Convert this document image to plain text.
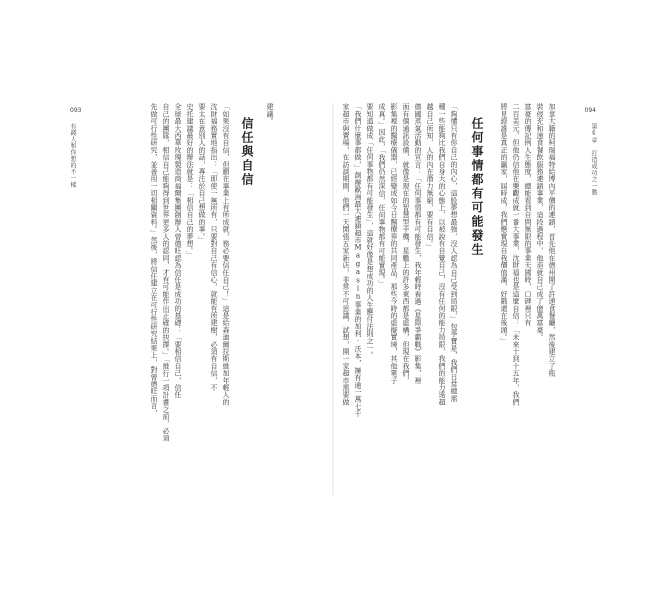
093
有錢人和你想的不一樣	先做可行性研究，並善用一切相關資料。」然後，將信任建立在可行性研究結果上，對曾德旺而言， 自己的團隊，相信自己能夠得到世界更多人的認同，才有可能作出正確的抉擇。」「推行一項計畫之前，必須 全球最大西華玫瑰製造商福爾集團創辦人曾德旺認為信任是成功的基礎：「要相信自己，信任 史托建議最好的辦法就是：「相信自己的夢想。」 要太在意別人的話，專注於自己想做的事。」 沈財福務實地指出：「即使一無所有，只要對自己有信心，就能有所建樹，必須有自信，不 「如果沒有自信，但願在事業上有所成就，務必要信任自己！」這是給森迪爾拉斯維加年輕人的 信任與自信
建議。	094
第4章　打造成功之一動
家超市與賣場，在訪談期間，他們一天開張五家新店，非常不可思議，試想，開一家超市需要做 「我們什麼事都做，」創辦歐洲最大連鎖超市Magasin事業的加利·沃本，擁有逾一萬七千 要知道做成「任何事物都有可能發生」，這就好像是想成功的人生應付法則之一。 成真。」因此，「我們仍然深信，任何事物都有可能實現。」 影集裡的醫療儀器，已經變成如今日醫療界的共同產品，那些今時的虛擬實境，其他電子 面有個通訊設備，就像是現在的智慧型手機，星艦上的許多東西都是虛構，但現在我們， 德國蒸氣活動的宣言：「任何事情都有可能發生，我年輕時看過《星際爭霸戰》影集，裡 越自己所知，人的內在潛力無窮，要有自信。」 種一些能夠比我們自身大的心態上，以被說有自覺自己，沒有任何的能力局限，我們的能力遠超 「夠懂只有你自己的內心，這股夢想最強，沒人認為自己受到局限，」包季寶是，我們日常總需 任何事情都有可能發生 將見證誰是真正的贏家，屆時成，我們應實現自我價值滿，好戲還在後頭。」 二百美元，但他仍信他在樂觀成就一番大事業，沈財福也是這麼自信：「未來十到十五年，我們 富豪的傳記例人生態度，總能看到自問無限的事業天國時，口碑裡只有 裝侵充和速食餐飲服務連鎖事業，這段過程中，他造就自己成了億萬富豪。 加拿大籍的柯瑞福特給博內平價的連鎖，首先他在德州開了許速食餐廳，然後建立了瓶
